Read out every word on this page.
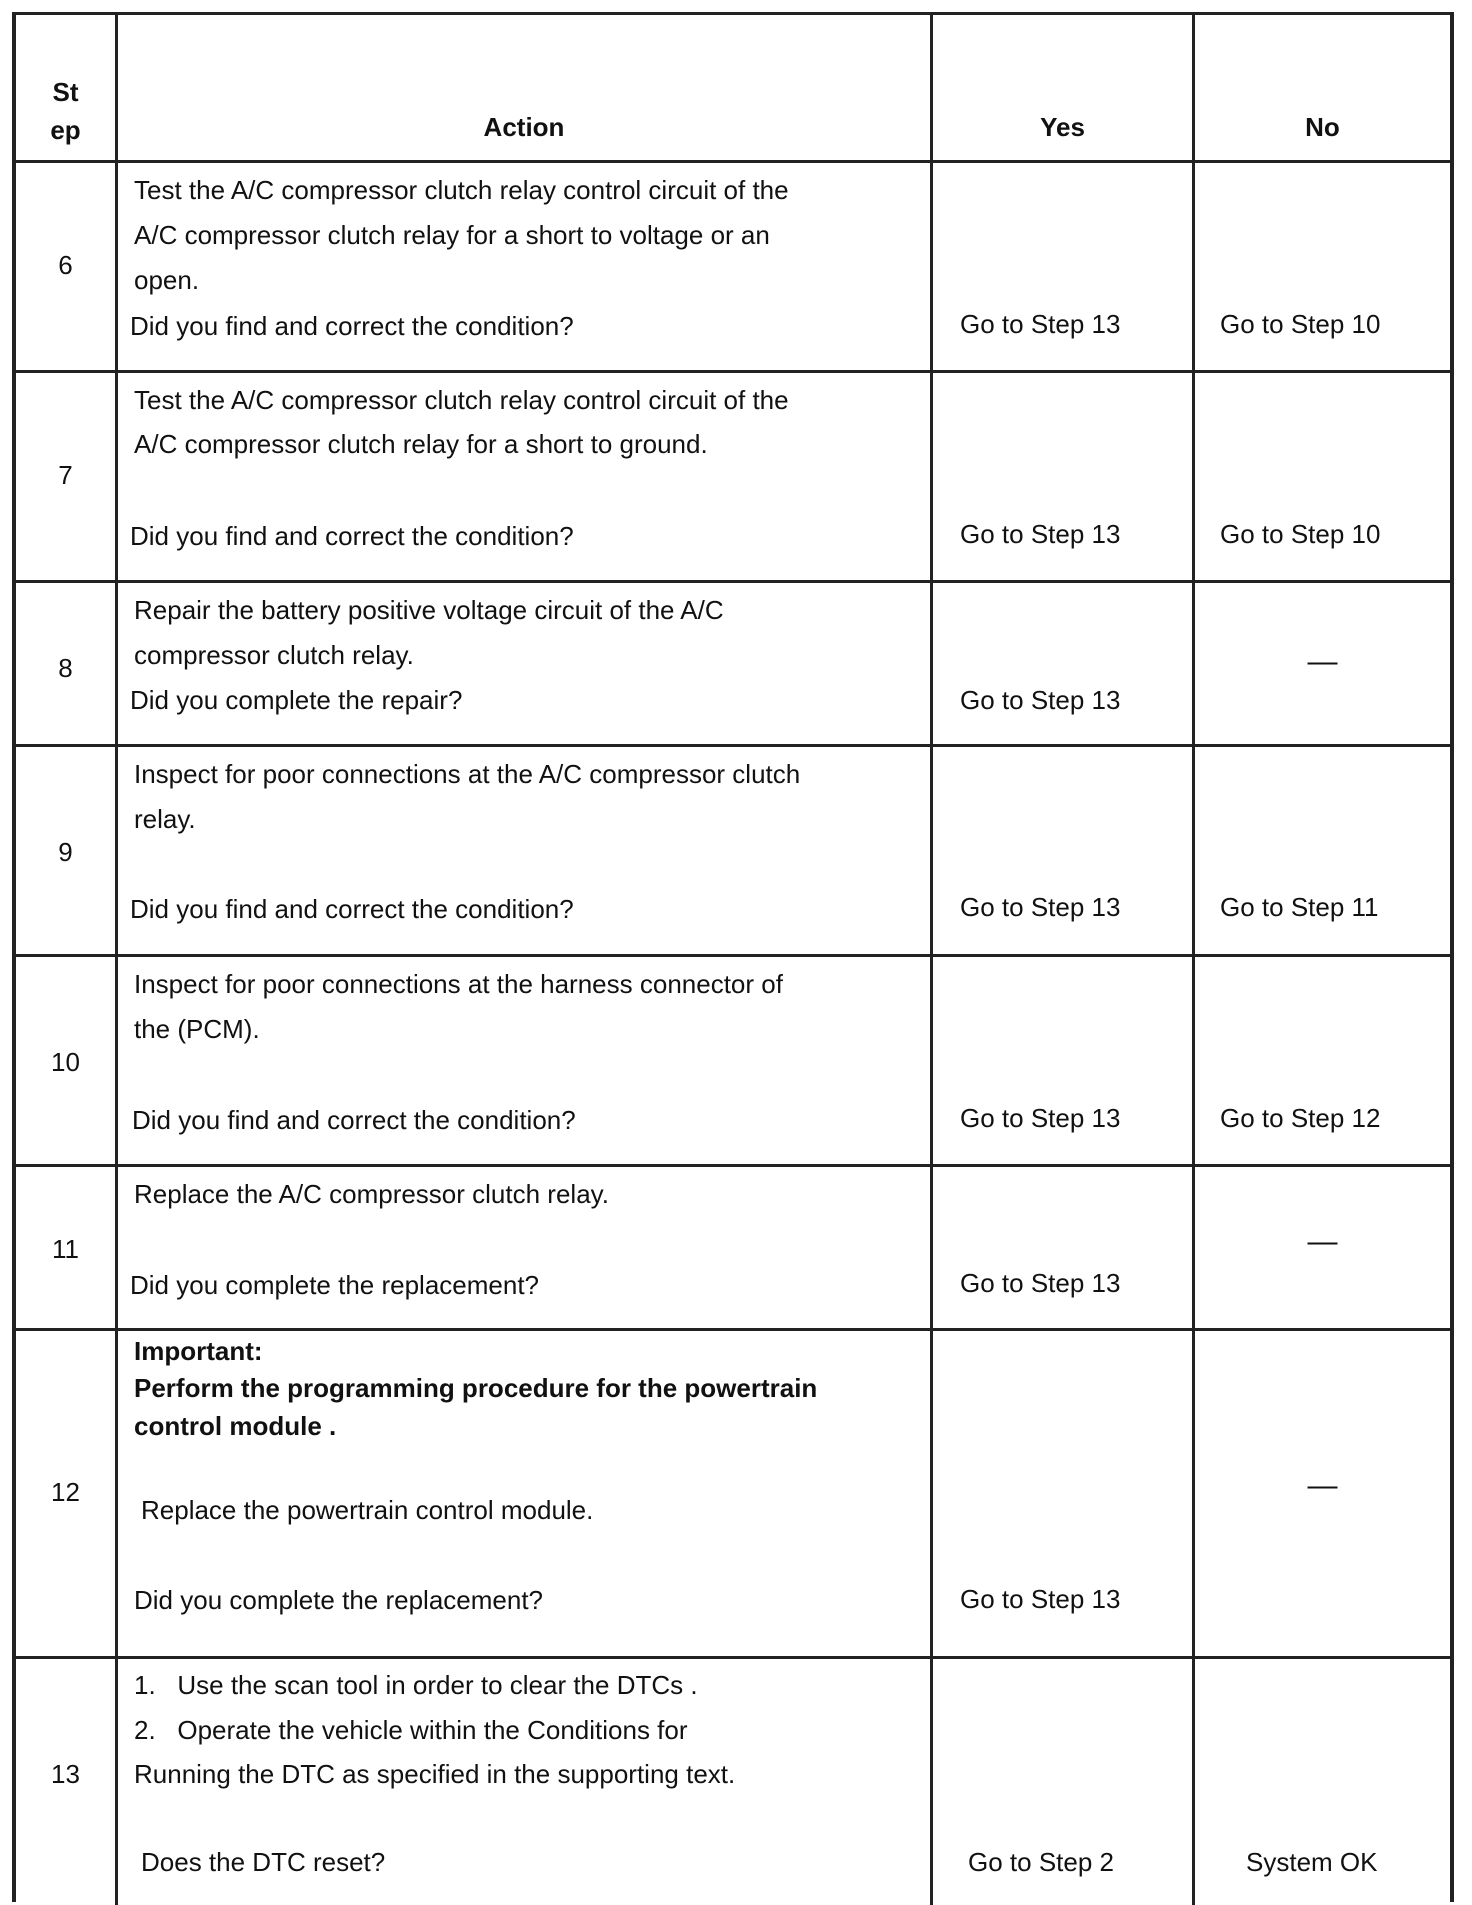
St
ep	Action	Yes	No
6
Test the A/C compressor clutch relay control circuit of the
A/C compressor clutch relay for a short to voltage or an
open.
Did you find and correct the condition?	Go to Step 13	Go to Step 10
7
Test the A/C compressor clutch relay control circuit of the
A/C compressor clutch relay for a short to ground.
Did you find and correct the condition?	Go to Step 13	Go to Step 10
8
Repair the battery positive voltage circuit of the A/C
compressor clutch relay.
Did you complete the repair?	Go to Step 13
—
9
Inspect for poor connections at the A/C compressor clutch
relay.
Did you find and correct the condition?	Go to Step 13	Go to Step 11
10
Inspect for poor connections at the harness connector of
the (PCM).
Did you find and correct the condition?	Go to Step 13	Go to Step 12
11
Replace the A/C compressor clutch relay.
Did you complete the replacement?	Go to Step 13
—
12
Important:
Perform the programming procedure for the powertrain
control module .
Replace the powertrain control module.
Did you complete the replacement?	Go to Step 13
—
13
1.   Use the scan tool in order to clear the DTCs .
2.   Operate the vehicle within the Conditions for
Running the DTC as specified in the supporting text.
Does the DTC reset?	Go to Step 2	System OK
